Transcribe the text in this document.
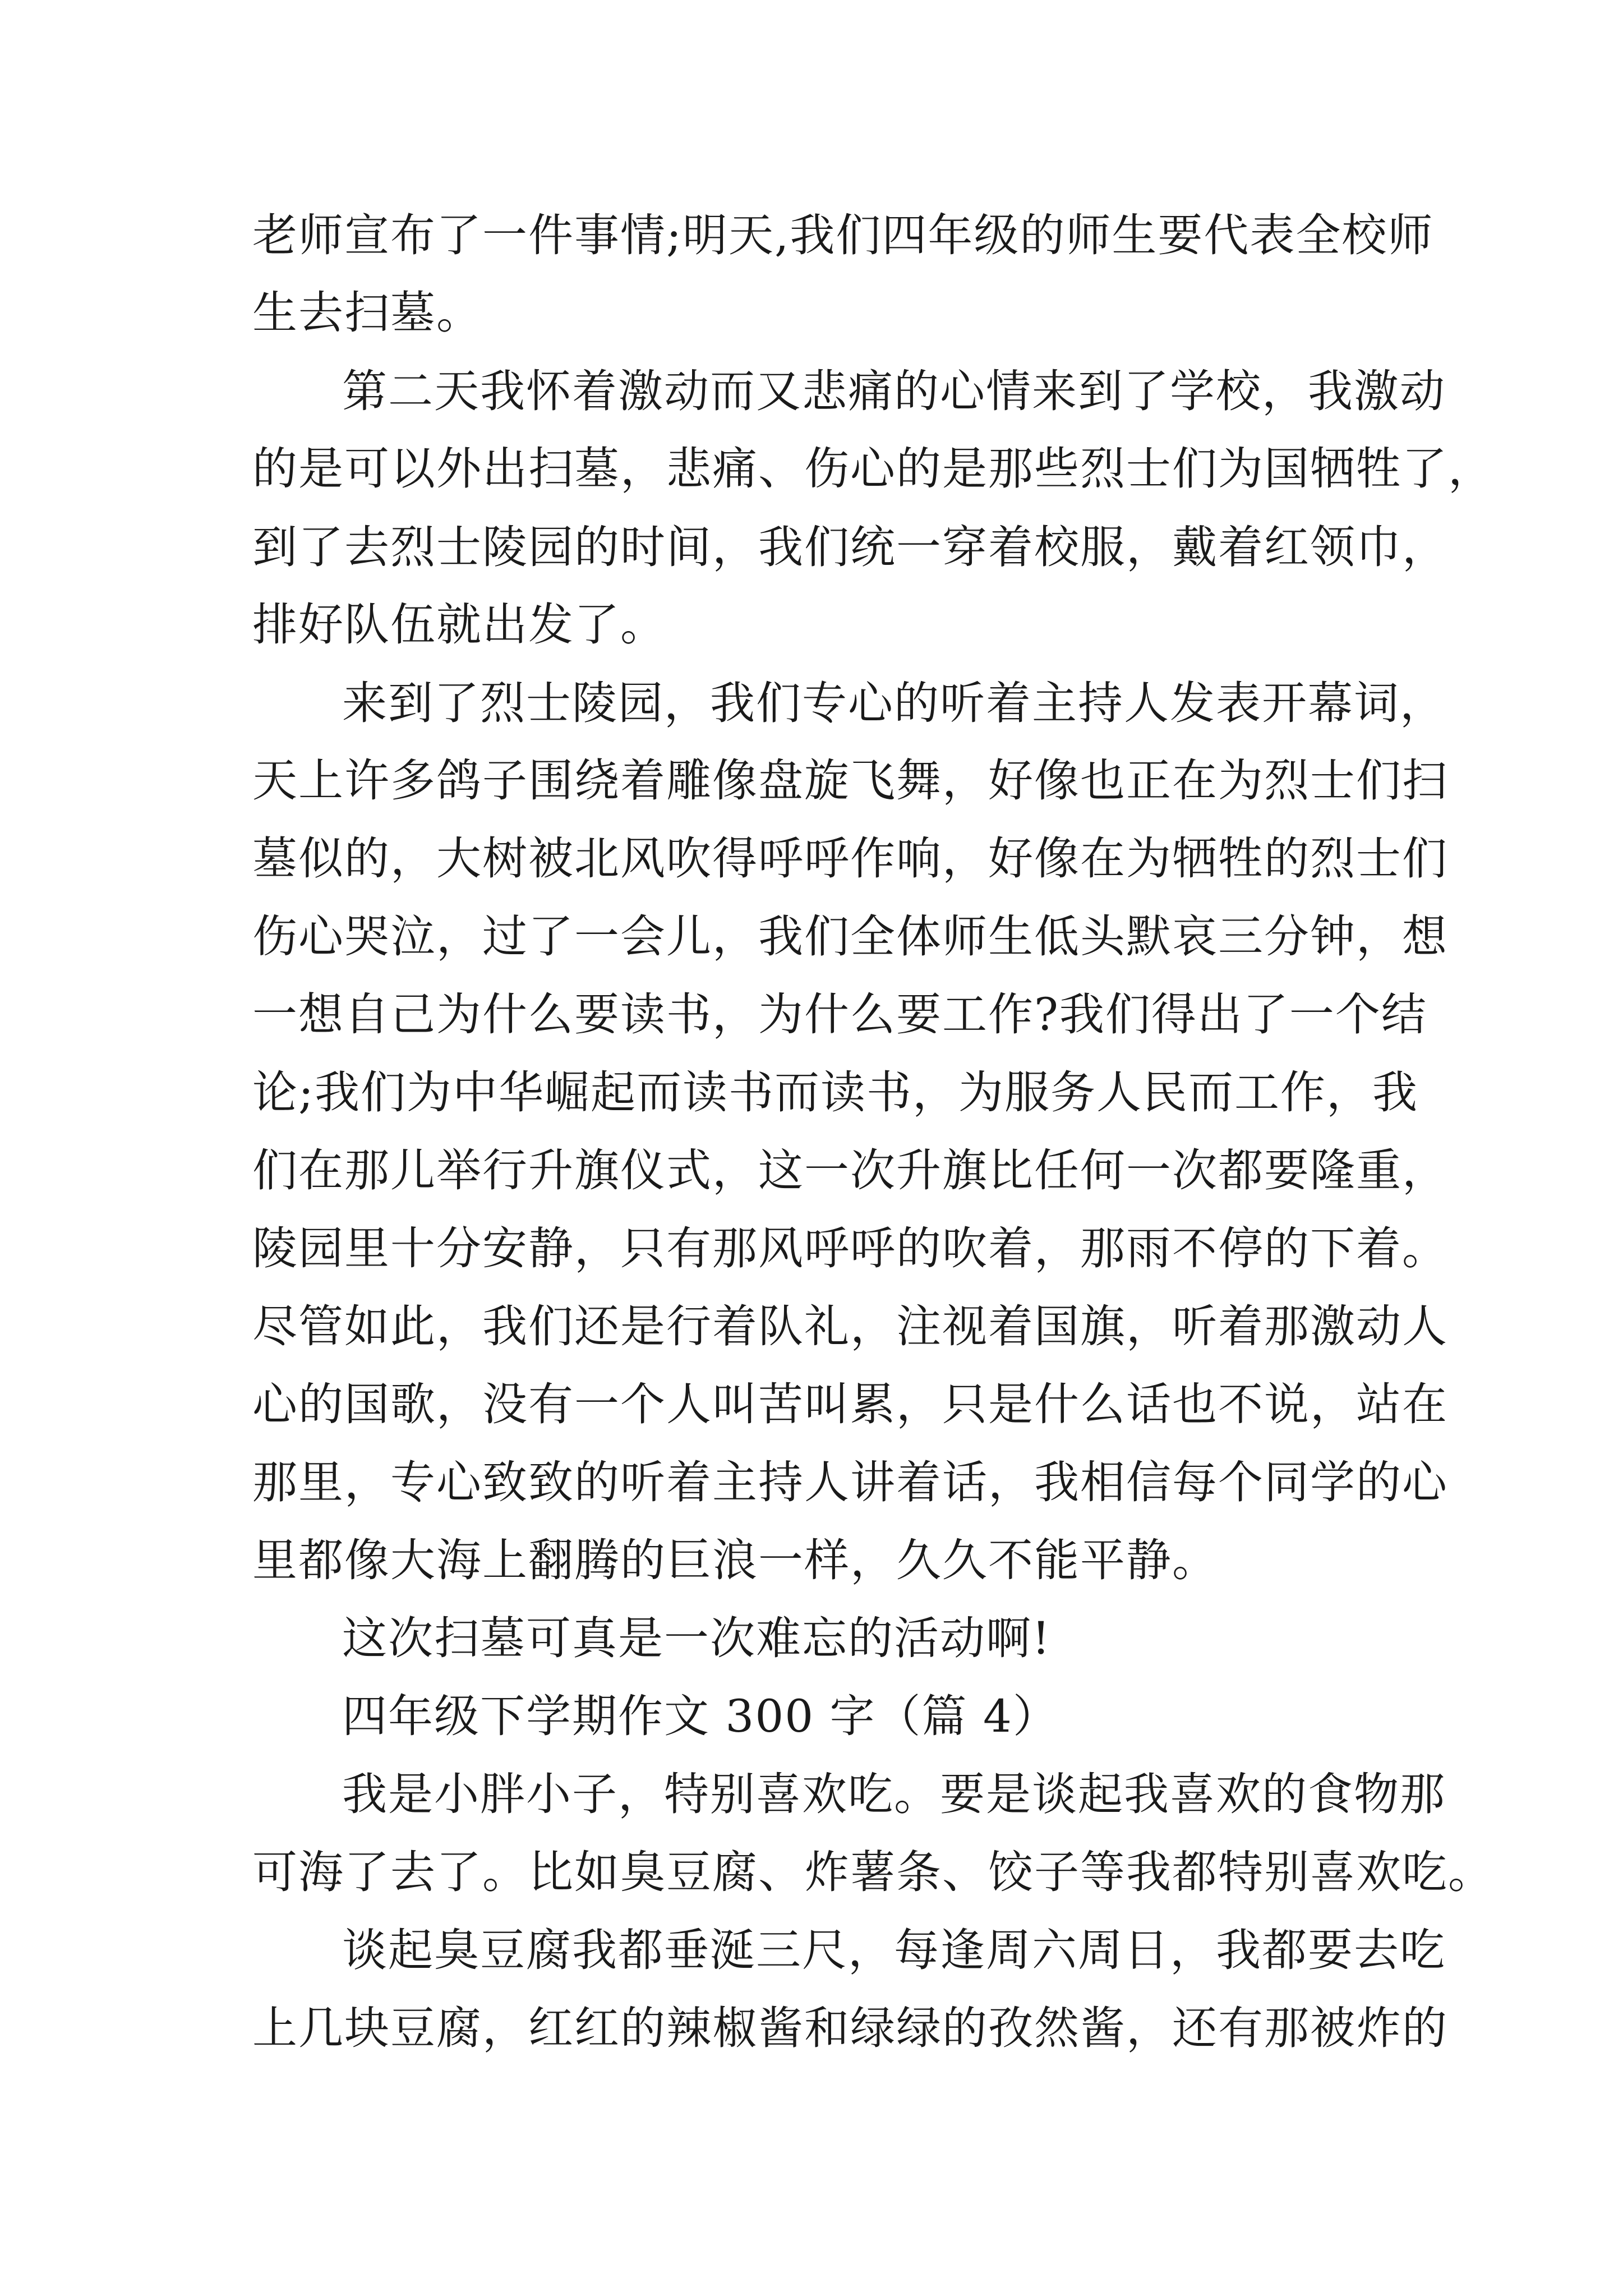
老师宣布了一件事情;明天,我们四年级的师生要代表全校师

生去扫墓。

第二天我怀着激动而又悲痛的心情来到了学校，我激动

的是可以外出扫墓，悲痛、伤心的是那些烈士们为国牺牲了，

到了去烈士陵园的时间，我们统一穿着校服，戴着红领巾，

排好队伍就出发了。

来到了烈士陵园，我们专心的听着主持人发表开幕词，

天上许多鸽子围绕着雕像盘旋飞舞，好像也正在为烈士们扫

墓似的，大树被北风吹得呼呼作响，好像在为牺牲的烈士们

伤心哭泣，过了一会儿，我们全体师生低头默哀三分钟，想

一想自己为什么要读书，为什么要工作?我们得出了一个结

论;我们为中华崛起而读书而读书，为服务人民而工作，我

们在那儿举行升旗仪式，这一次升旗比任何一次都要隆重，

陵园里十分安静，只有那风呼呼的吹着，那雨不停的下着。

尽管如此，我们还是行着队礼，注视着国旗，听着那激动人

心的国歌，没有一个人叫苦叫累，只是什么话也不说，站在

那里，专心致致的听着主持人讲着话，我相信每个同学的心

里都像大海上翻腾的巨浪一样，久久不能平静。

这次扫墓可真是一次难忘的活动啊!

四年级下学期作文 300 字（篇 4）

我是小胖小子，特别喜欢吃。要是谈起我喜欢的食物那

可海了去了。比如臭豆腐、炸薯条、饺子等我都特别喜欢吃。

谈起臭豆腐我都垂涎三尺，每逢周六周日，我都要去吃

上几块豆腐，红红的辣椒酱和绿绿的孜然酱，还有那被炸的
